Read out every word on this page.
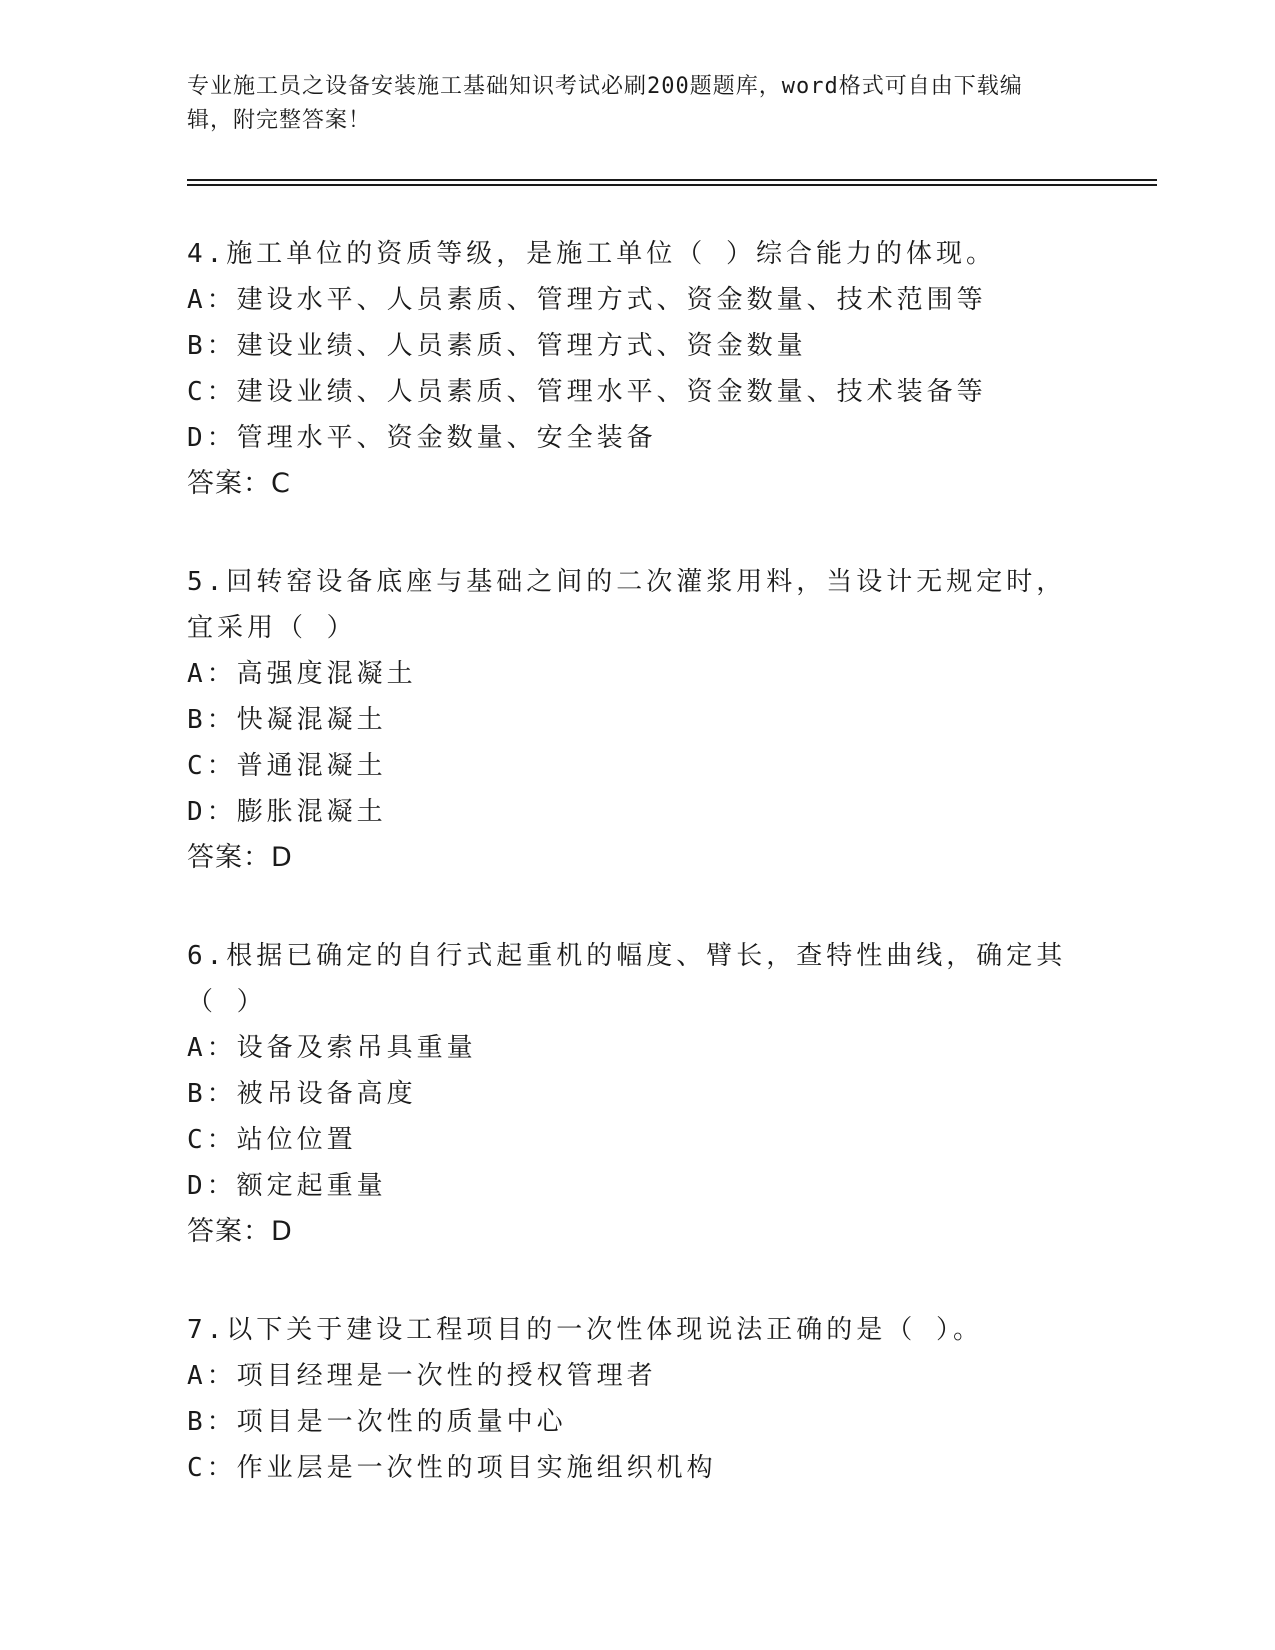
专业施工员之设备安装施工基础知识考试必刷200题题库，word格式可自由下载编辑，附完整答案！
4.施工单位的资质等级，是施工单位（ ）综合能力的体现。
A：建设水平、人员素质、管理方式、资金数量、技术范围等
B：建设业绩、人员素质、管理方式、资金数量
C：建设业绩、人员素质、管理水平、资金数量、技术装备等
D：管理水平、资金数量、安全装备
答案：C
5.回转窑设备底座与基础之间的二次灌浆用料，当设计无规定时，宜采用（ ）
A：高强度混凝土
B：快凝混凝土
C：普通混凝土
D：膨胀混凝土
答案：D
6.根据已确定的自行式起重机的幅度、臂长，查特性曲线，确定其（ ）
A：设备及索吊具重量
B：被吊设备高度
C：站位位置
D：额定起重量
答案：D
7.以下关于建设工程项目的一次性体现说法正确的是（ ）。
A：项目经理是一次性的授权管理者
B：项目是一次性的质量中心
C：作业层是一次性的项目实施组织机构
